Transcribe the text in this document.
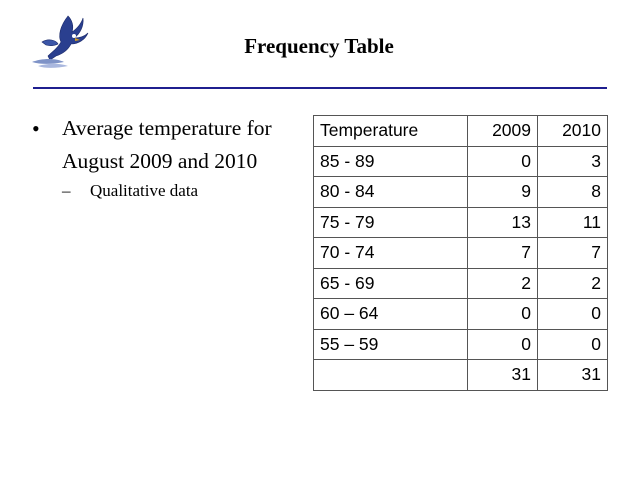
Frequency Table
•	Average temperature for August 2009 and 2010
–	Qualitative data
Temperature	2009	2010
85 - 89	0	3
80 - 84	9	8
75 - 79	13	11
70 - 74	7	7
65 - 69	2	2
60 – 64	0	0
55 – 59	0	0
	31	31
